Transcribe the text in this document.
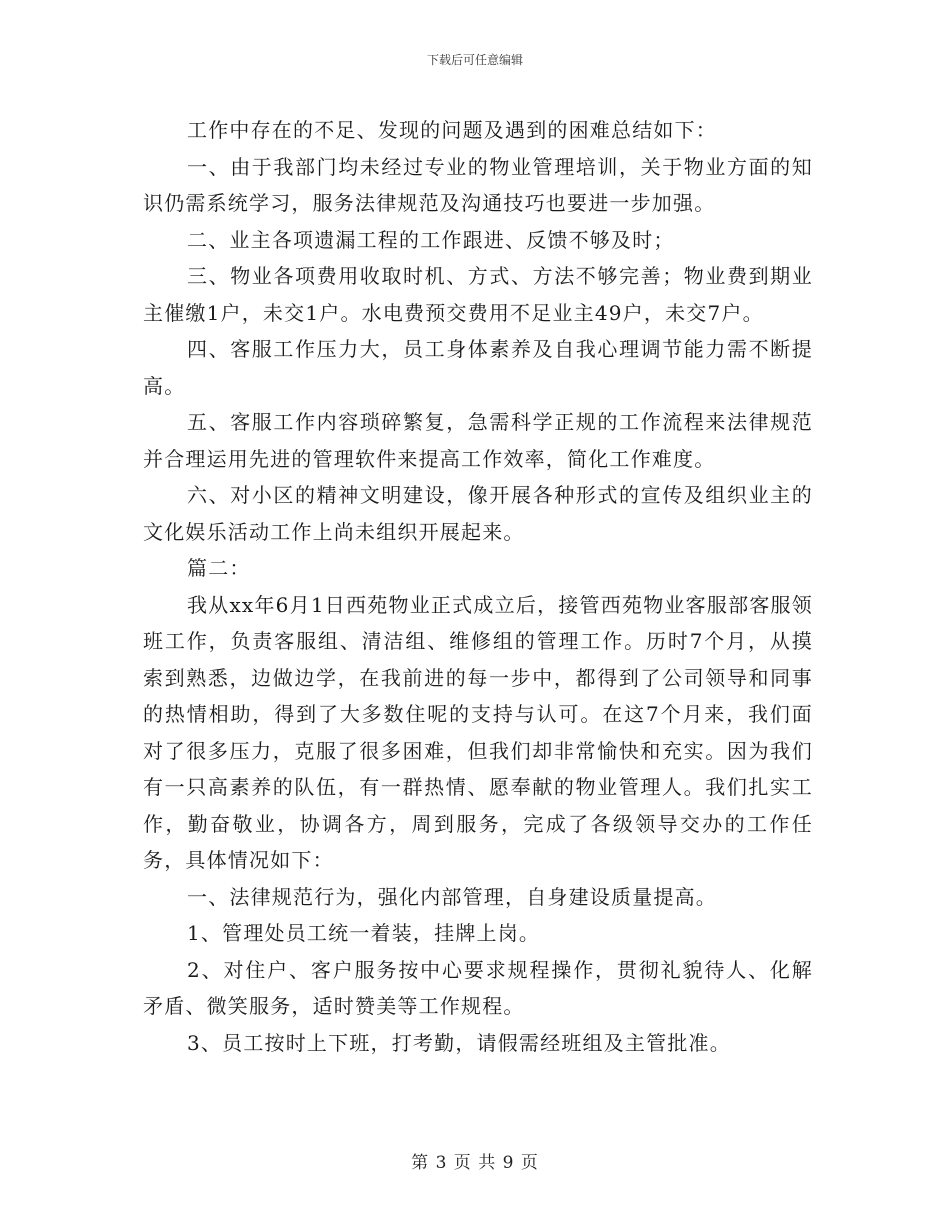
下载后可任意编辑

工作中存在的不足、发现的问题及遇到的困难总结如下：

一、由于我部门均未经过专业的物业管理培训，关于物业方面的知识仍需系统学习，服务法律规范及沟通技巧也要进一步加强。

二、业主各项遗漏工程的工作跟进、反馈不够及时；

三、物业各项费用收取时机、方式、方法不够完善；物业费到期业主催缴1户，未交1户。水电费预交费用不足业主49户，未交7户。

四、客服工作压力大，员工身体素养及自我心理调节能力需不断提高。

五、客服工作内容琐碎繁复，急需科学正规的工作流程来法律规范并合理运用先进的管理软件来提高工作效率，简化工作难度。

六、对小区的精神文明建设，像开展各种形式的宣传及组织业主的文化娱乐活动工作上尚未组织开展起来。

篇二：

我从xx年6月1日西苑物业正式成立后，接管西苑物业客服部客服领班工作，负责客服组、清洁组、维修组的管理工作。历时7个月，从摸索到熟悉，边做边学，在我前进的每一步中，都得到了公司领导和同事的热情相助，得到了大多数住呢的支持与认可。在这7个月来，我们面对了很多压力，克服了很多困难，但我们却非常愉快和充实。因为我们有一只高素养的队伍，有一群热情、愿奉献的物业管理人。我们扎实工作，勤奋敬业，协调各方，周到服务，完成了各级领导交办的工作任务，具体情况如下：

一、法律规范行为，强化内部管理，自身建设质量提高。

1、管理处员工统一着装，挂牌上岗。

2、对住户、客户服务按中心要求规程操作，贯彻礼貌待人、化解矛盾、微笑服务，适时赞美等工作规程。

3、员工按时上下班，打考勤，请假需经班组及主管批准。

第 3 页 共 9 页
